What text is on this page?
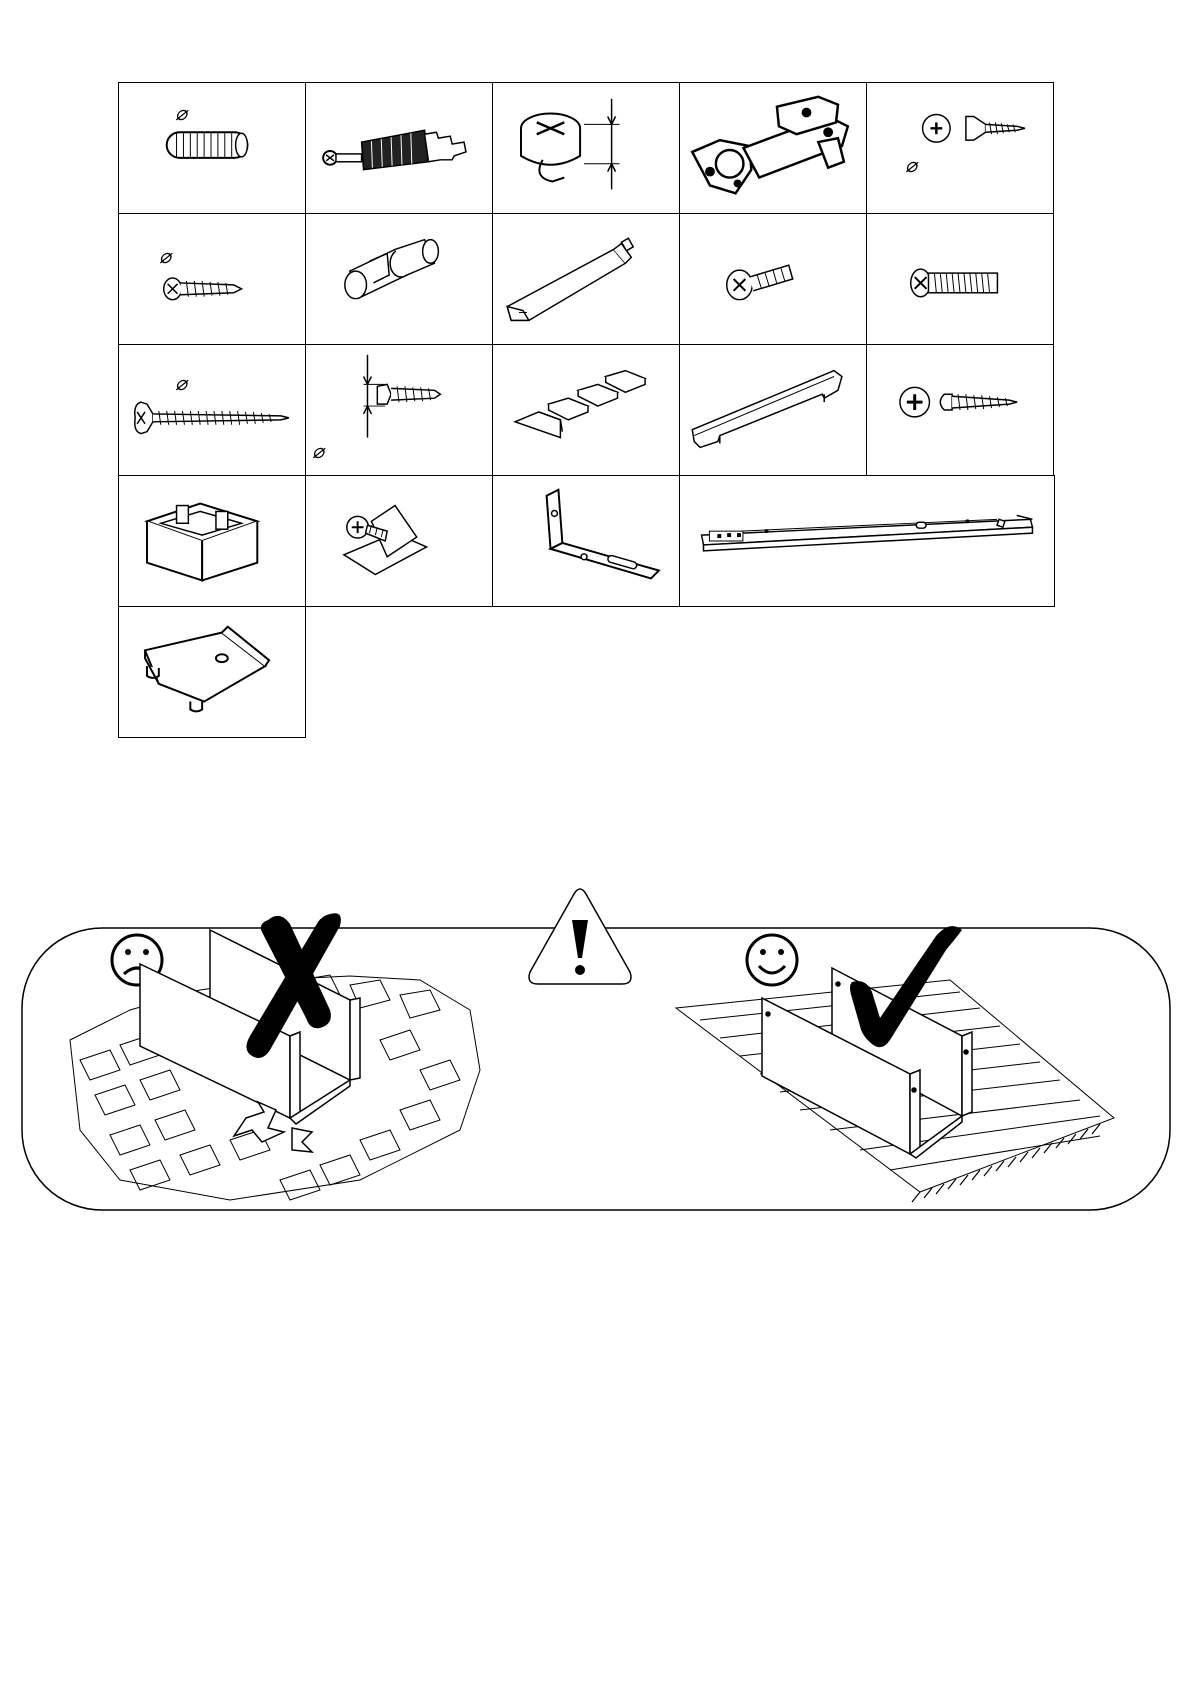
⌀
⌀
⌀
⌀
⌀
